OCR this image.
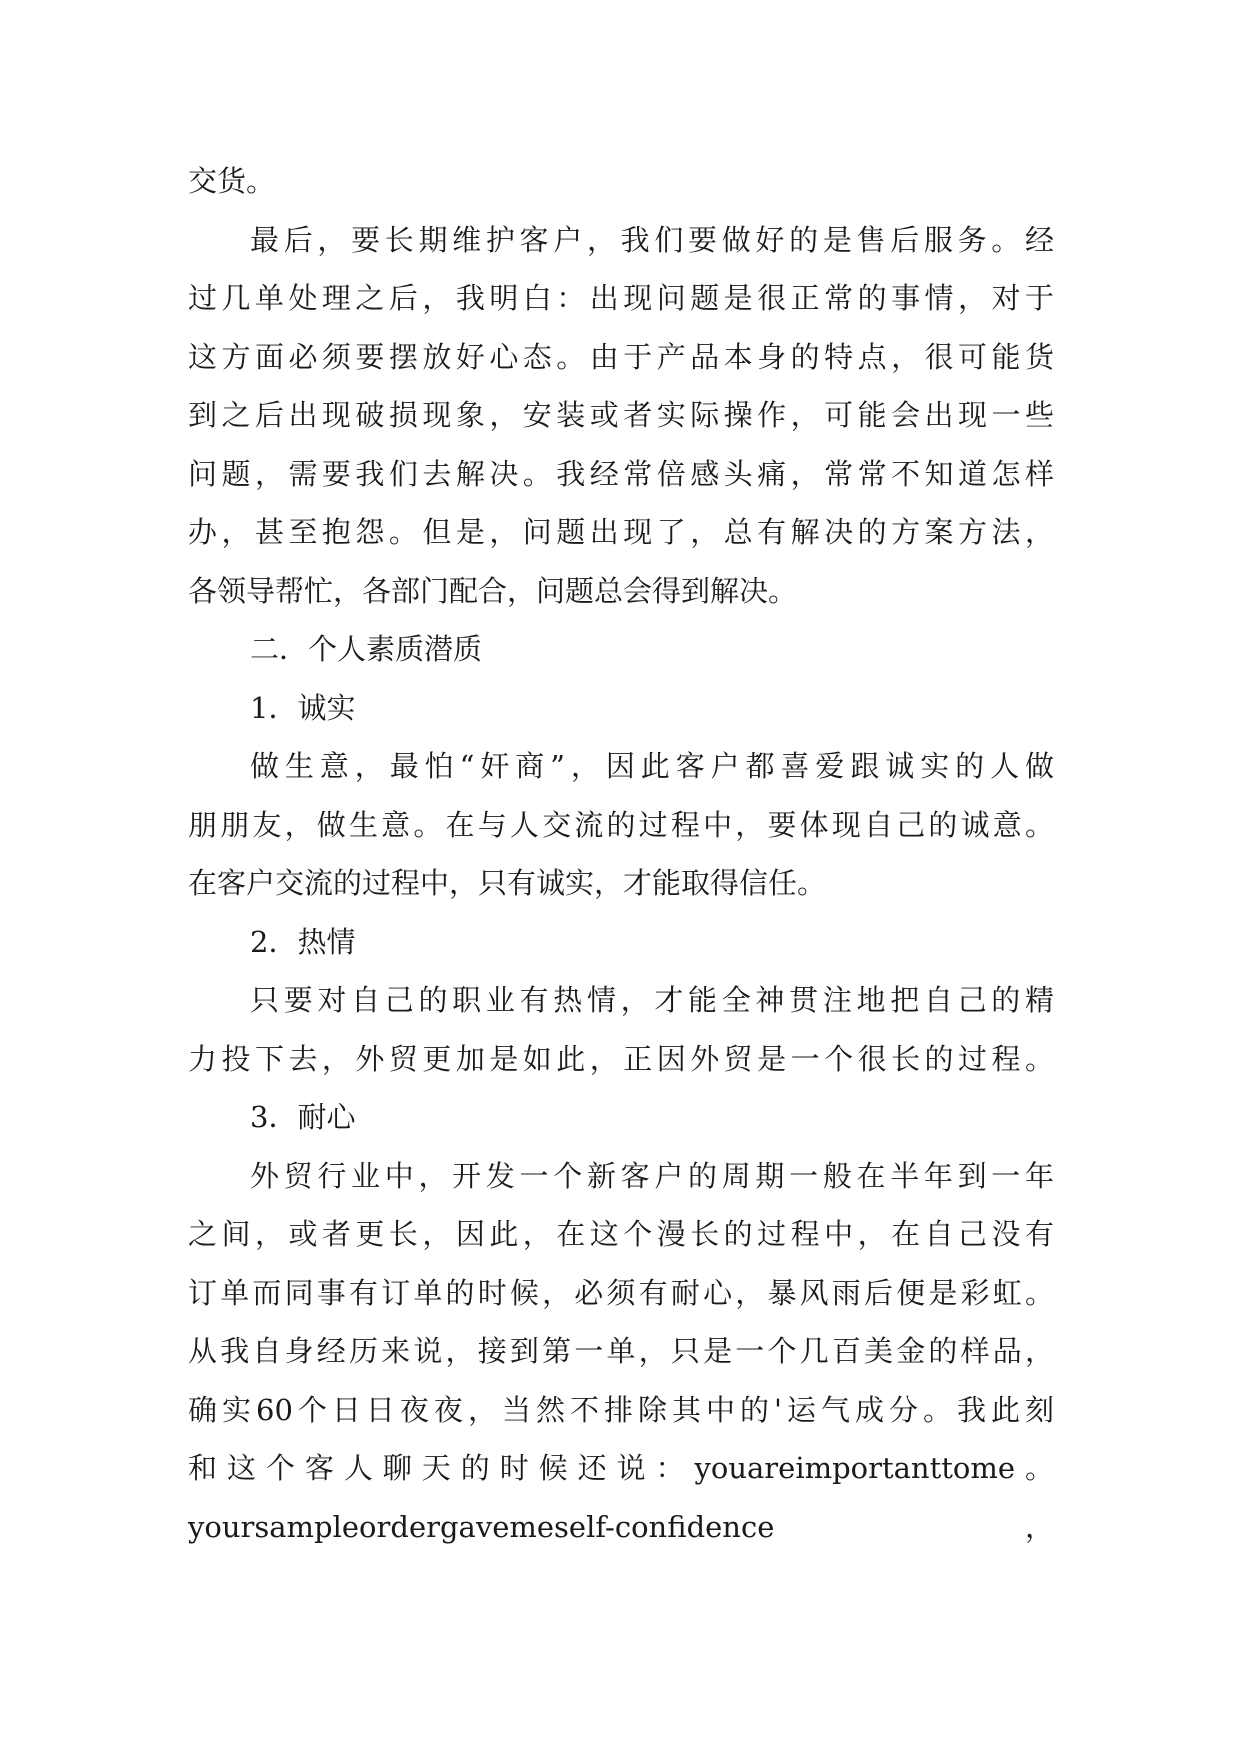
交货。
最后，要长期维护客户，我们要做好的是售后服务。经
过几单处理之后，我明白：出现问题是很正常的事情，对于
这方面必须要摆放好心态。由于产品本身的特点，很可能货
到之后出现破损现象，安装或者实际操作，可能会出现一些
问题，需要我们去解决。我经常倍感头痛，常常不知道怎样
办，甚至抱怨。但是，问题出现了，总有解决的方案方法，
各领导帮忙，各部门配合，问题总会得到解决。
二．个人素质潜质
1．诚实
做生意，最怕“奸商”，因此客户都喜爱跟诚实的人做
朋朋友，做生意。在与人交流的过程中，要体现自己的诚意。
在客户交流的过程中，只有诚实，才能取得信任。
2．热情
只要对自己的职业有热情，才能全神贯注地把自己的精
力投下去，外贸更加是如此，正因外贸是一个很长的过程。
3．耐心
外贸行业中，开发一个新客户的周期一般在半年到一年
之间，或者更长，因此，在这个漫长的过程中，在自己没有
订单而同事有订单的时候，必须有耐心，暴风雨后便是彩虹。
从我自身经历来说，接到第一单，只是一个几百美金的样品，
确实60个日日夜夜，当然不排除其中的'运气成分。我此刻
和这个客人聊天的时候还说：youareimportanttome。
yoursampleordergavemeself-confidence	，
